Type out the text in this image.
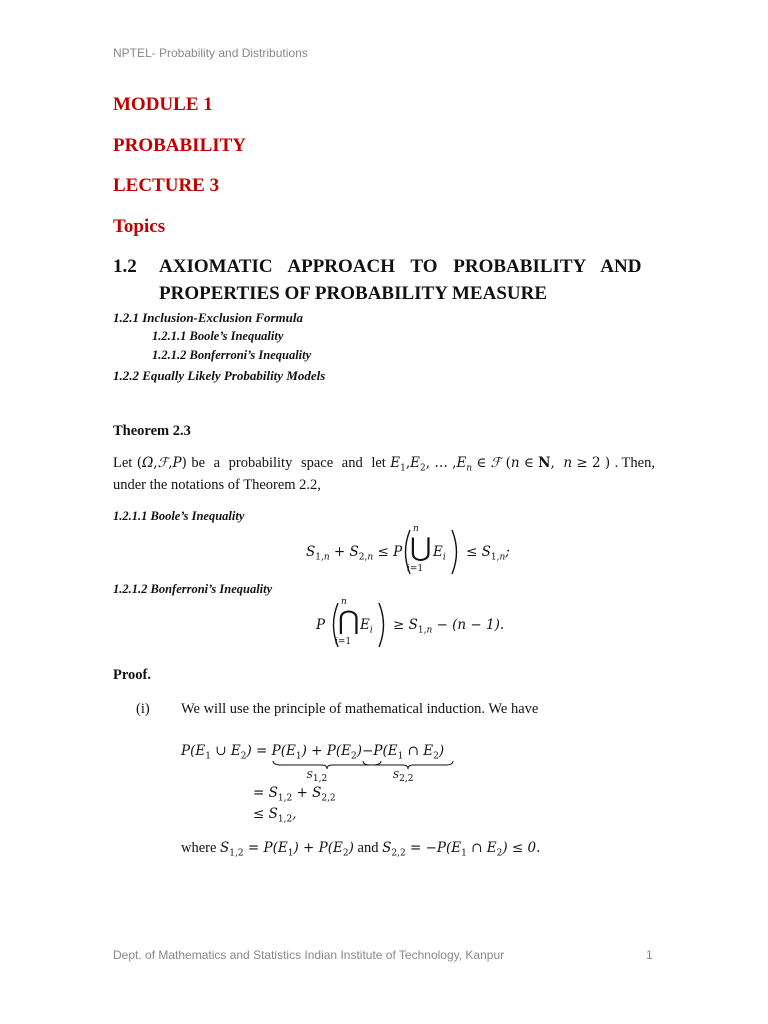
NPTEL- Probability and Distributions
MODULE 1
PROBABILITY
LECTURE 3
Topics
1.2 AXIOMATIC APPROACH TO PROBABILITY AND
PROPERTIES OF PROBABILITY MEASURE
1.2.1 Inclusion-Exclusion Formula
1.2.1.1 Boole’s Inequality
1.2.1.2 Bonferroni’s Inequality
1.2.2 Equally Likely Probability Models
Theorem 2.3
Let (Ω,ℱ,P) be a probability space and let $E_1,E_2$, … $,E_n$ ∈ ℱ (n ∈ N,  n ≥ 2 ) . Then,
under the notations of Theorem 2.2,
1.2.1.1 Boole’s Inequality
$S_{1,n} + S_{2,n} \le P$
n
⋃
i=1
$E_i \le S_{1,n}$;
1.2.1.2 Bonferroni’s Inequality
P
n
⋂
i=1
$E_i \ge S_{1,n} - (n - 1)$.
Proof.
(i) We will use the principle of mathematical induction. We have
$P(E_1$ ∪ $E_2) = P(E_1) + P(E_2)$
$S_{1,2}$
$-P(E_1$ ∩ $E_2$)
$S_{2,2}$
= $S_{1,2} + S_{2,2}$
≤ $S_{1,2}$,
where $S_{1,2} = P(E_1) + P(E_2)$ and $S_{2,2} = -P(E_1$ ∩ $E_2) \le 0$.
Dept. of Mathematics and Statistics Indian Institute of Technology, Kanpur	1
